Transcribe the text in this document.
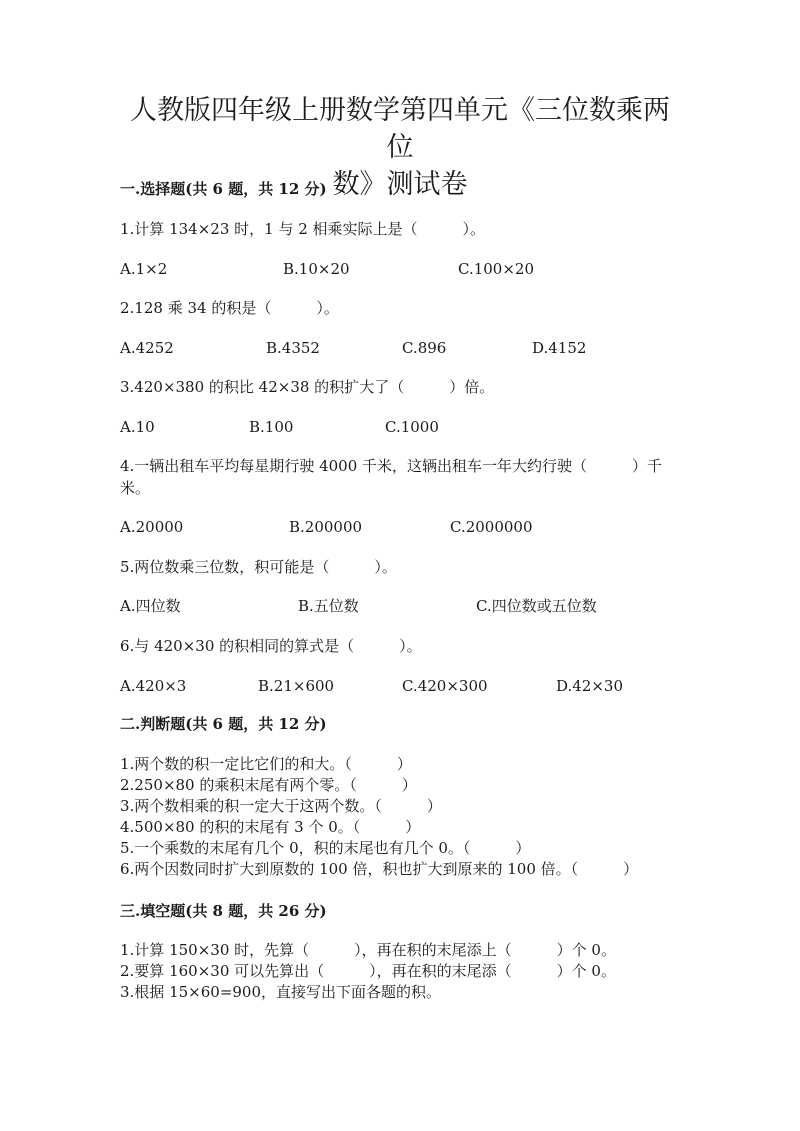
人教版四年级上册数学第四单元《三位数乘两位
数》测试卷
一.选择题(共 6 题，共 12 分)
1.计算 134×23 时，1 与 2 相乘实际上是（　　　）。
A.1×2	B.10×20	C.100×20
2.128 乘 34 的积是（　　　）。
A.4252	B.4352	C.896	D.4152
3.420×380 的积比 42×38 的积扩大了（　　　）倍。
A.10	B.100	C.1000
4.一辆出租车平均每星期行驶 4000 千米，这辆出租车一年大约行驶（　　　）千米。
A.20000	B.200000	C.2000000
5.两位数乘三位数，积可能是（　　　）。
A.四位数	B.五位数	C.四位数或五位数
6.与 420×30 的积相同的算式是（　　　）。
A.420×3	B.21×600	C.420×300	D.42×30
二.判断题(共 6 题，共 12 分)
1.两个数的积一定比它们的和大。（　　　）
2.250×80 的乘积末尾有两个零。（　　　）
3.两个数相乘的积一定大于这两个数。（　　　）
4.500×80 的积的末尾有 3 个 0。（　　　）
5.一个乘数的末尾有几个 0，积的末尾也有几个 0。（　　　）
6.两个因数同时扩大到原数的 100 倍，积也扩大到原来的 100 倍。（　　　）
三.填空题(共 8 题，共 26 分)
1.计算 150×30 时，先算（　　　），再在积的末尾添上（　　　）个 0。
2.要算 160×30 可以先算出（　　　），再在积的末尾添（　　　）个 0。
3.根据 15×60=900，直接写出下面各题的积。
